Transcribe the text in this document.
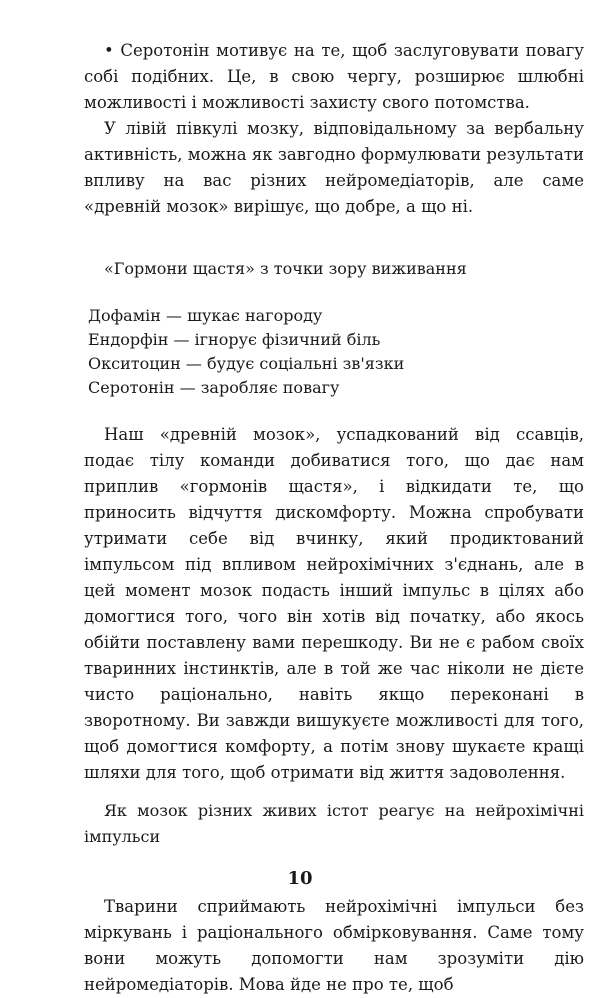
• Серотонін мотивує на те, щоб заслуговувати повагу собі подібних. Це, в свою чергу, розширює шлюбні можливості і можливості захисту свого потомства.

У лівій півкулі мозку, відповідальному за вербальну активність, можна як завгодно формулювати результати впливу на вас різних нейромедіаторів, але саме «древній мозок» вирішує, що добре, а що ні.

«Гормони щастя» з точки зору виживання

Дофамін — шукає нагороду

Ендорфін — ігнорує фізичний біль

Окситоцин — будує соціальні зв'язки

Серотонін — заробляє повагу

Наш «древній мозок», успадкований від ссавців, подає тілу команди добиватися того, що дає нам приплив «гормонів щастя», і відкидати те, що приносить відчуття дискомфорту. Можна спробувати утримати себе від вчинку, який продиктований імпульсом під впливом нейрохімічних з'єднань, але в цей момент мозок подасть інший імпульс в цілях або домогтися того, чого він хотів від початку, або якось обійти поставлену вами перешкоду. Ви не є рабом своїх тваринних інстинктів, але в той же час ніколи не дієте чисто раціонально, навіть якщо переконані в зворотному. Ви завжди вишукуєте можливості для того, щоб домогтися комфорту, а потім знову шукаєте кращі шляхи для того, щоб отримати від життя задоволення.

Як мозок різних живих істот реагує на нейрохімічні імпульси

Тварини сприймають нейрохімічні імпульси без міркувань і раціонального обмірковування. Саме тому вони можуть допомогти нам зрозуміти дію нейромедіаторів. Мова йде не про те, щоб

10
